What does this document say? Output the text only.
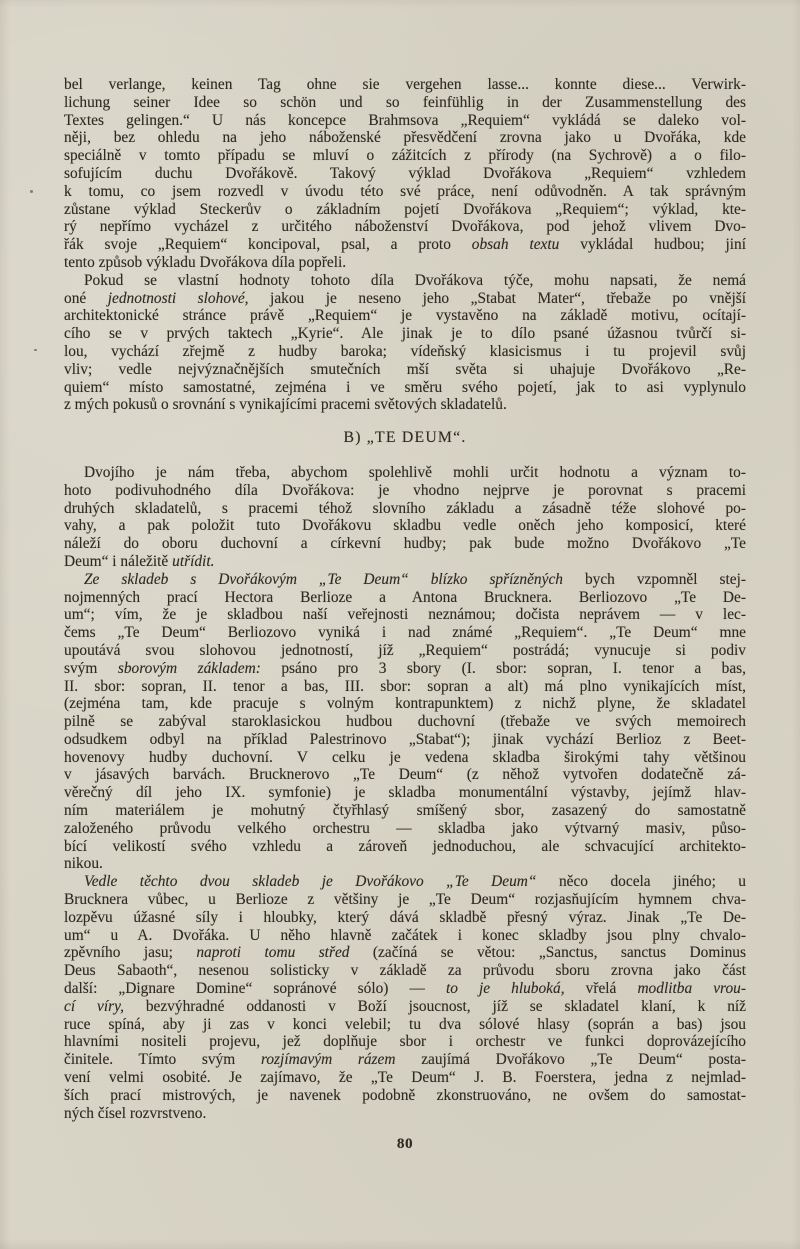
bel verlange, keinen Tag ohne sie vergehen lasse... konnte diese... Verwirk-
lichung seiner Idee so schön und so feinfühlig in der Zusammenstellung des
Textes gelingen.“ U nás koncepce Brahmsova „Requiem“ vykládá se daleko vol-
něji, bez ohledu na jeho náboženské přesvědčení zrovna jako u Dvořáka, kde
speciálně v tomto případu se mluví o zážitcích z přírody (na Sychrově) a o filo-
sofujícím duchu Dvořákově. Takový výklad Dvořákova „Requiem“ vzhledem
k tomu, co jsem rozvedl v úvodu této své práce, není odůvodněn. A tak správným
zůstane výklad Steckerův o základním pojetí Dvořákova „Requiem“; výklad, kte-
rý nepřímo vycházel z určitého náboženství Dvořákova, pod jehož vlivem Dvo-
řák svoje „Requiem“ koncipoval, psal, a proto obsah textu vykládal hudbou; jiní
tento způsob výkladu Dvořákova díla popřeli.
Pokud se vlastní hodnoty tohoto díla Dvořákova týče, mohu napsati, že nemá
oné jednotnosti slohové, jakou je neseno jeho „Stabat Mater“, třebaže po vnější
architektonické stránce právě „Requiem“ je vystavěno na základě motivu, ocítají-
cího se v prvých taktech „Kyrie“. Ale jinak je to dílo psané úžasnou tvůrčí si-
lou, vychází zřejmě z hudby baroka; vídeňský klasicismus i tu projevil svůj
vliv; vedle nejvýznačnějších smutečních mší světa si uhajuje Dvořákovo „Re-
quiem“ místo samostatné, zejména i ve směru svého pojetí, jak to asi vyplynulo
z mých pokusů o srovnání s vynikajícími pracemi světových skladatelů.
B) „TE DEUM“.
Dvojího je nám třeba, abychom spolehlivě mohli určit hodnotu a význam to-
hoto podivuhodného díla Dvořákova: je vhodno nejprve je porovnat s pracemi
druhých skladatelů, s pracemi téhož slovního základu a zásadně téže slohové po-
vahy, a pak položit tuto Dvořákovu skladbu vedle oněch jeho komposicí, které
náleží do oboru duchovní a církevní hudby; pak bude možno Dvořákovo „Te
Deum“ i náležitě utřídit.
Ze skladeb s Dvořákovým „Te Deum“ blízko spřízněných bych vzpomněl stej-
nojmenných prací Hectora Berlioze a Antona Brucknera. Berliozovo „Te De-
um“; vím, že je skladbou naší veřejnosti neznámou; dočista neprávem — v lec-
čems „Te Deum“ Berliozovo vyniká i nad známé „Requiem“. „Te Deum“ mne
upoutává svou slohovou jednotností, jíž „Requiem“ postrádá; vynucuje si podiv
svým sborovým základem: psáno pro 3 sbory (I. sbor: sopran, I. tenor a bas,
II. sbor: sopran, II. tenor a bas, III. sbor: sopran a alt) má plno vynikajících míst,
(zejména tam, kde pracuje s volným kontrapunktem) z nichž plyne, že skladatel
pilně se zabýval staroklasickou hudbou duchovní (třebaže ve svých memoirech
odsudkem odbyl na příklad Palestrinovo „Stabat“); jinak vychází Berlioz z Beet-
hovenovy hudby duchovní. V celku je vedena skladba širokými tahy většinou
v jásavých barvách. Brucknerovo „Te Deum“ (z něhož vytvořen dodatečně zá-
věrečný díl jeho IX. symfonie) je skladba monumentální výstavby, jejímž hlav-
ním materiálem je mohutný čtyřhlasý smíšený sbor, zasazený do samostatně
založeného průvodu velkého orchestru — skladba jako výtvarný masiv, půso-
bící velikostí svého vzhledu a zároveň jednoduchou, ale schvacující architekto-
nikou.
Vedle těchto dvou skladeb je Dvořákovo „Te Deum“ něco docela jiného; u
Brucknera vůbec, u Berlioze z většiny je „Te Deum“ rozjasňujícím hymnem chva-
lozpěvu úžasné síly i hloubky, který dává skladbě přesný výraz. Jinak „Te De-
um“ u A. Dvořáka. U něho hlavně začátek i konec skladby jsou plny chvalo-
zpěvního jasu; naproti tomu střed (začíná se větou: „Sanctus, sanctus Dominus
Deus Sabaoth“, nesenou solisticky v základě za průvodu sboru zrovna jako část
další: „Dignare Domine“ sopránové sólo) — to je hluboká, vřelá modlitba vrou-
cí víry, bezvýhradné oddanosti v Boží jsoucnost, jíž se skladatel klaní, k níž
ruce spíná, aby ji zas v konci velebil; tu dva sólové hlasy (soprán a bas) jsou
hlavními nositeli projevu, jež doplňuje sbor i orchestr ve funkci doprovázejícího
činitele. Tímto svým rozjímavým rázem zaujímá Dvořákovo „Te Deum“ posta-
vení velmi osobité. Je zajímavo, že „Te Deum“ J. B. Foerstera, jedna z nejmlad-
ších prací mistrových, je navenek podobně zkonstruováno, ne ovšem do samostat-
ných čísel rozvrstveno.
80
